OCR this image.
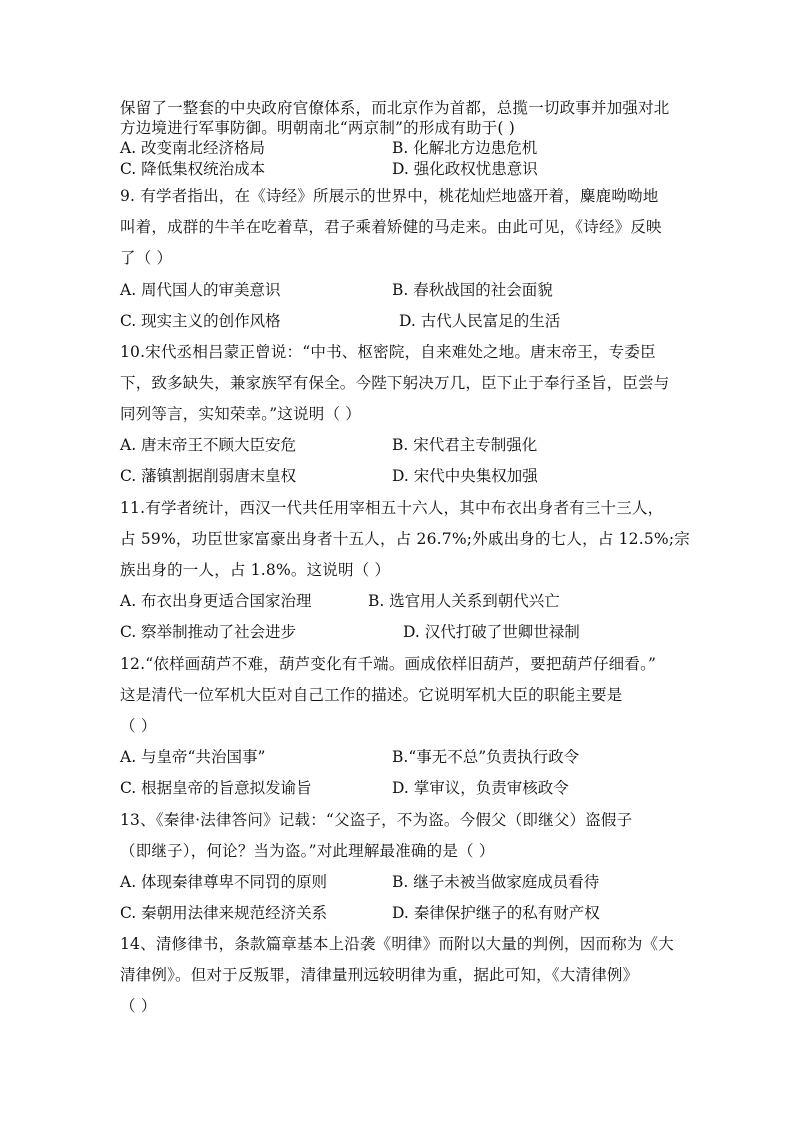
保留了一整套的中央政府官僚体系，而北京作为首都，总揽一切政事并加强对北
方边境进行军事防御。明朝南北“两京制”的形成有助于( )
A. 改变南北经济格局	B. 化解北方边患危机
C. 降低集权统治成本	D. 强化政权忧患意识
9. 有学者指出，在《诗经》所展示的世界中，桃花灿烂地盛开着，麋鹿呦呦地
叫着，成群的牛羊在吃着草，君子乘着矫健的马走来。由此可见，《诗经》反映
了（ ）
A. 周代国人的审美意识	B. 春秋战国的社会面貌
C. 现实主义的创作风格	D. 古代人民富足的生活
10.宋代丞相吕蒙正曾说：“中书、枢密院，自来难处之地。唐末帝王，专委臣
下，致多缺失，兼家族罕有保全。今陛下躬决万几，臣下止于奉行圣旨，臣尝与
同列等言，实知荣幸。”这说明（ ）
A. 唐末帝王不顾大臣安危	B. 宋代君主专制强化
C. 藩镇割据削弱唐末皇权	D. 宋代中央集权加强
11.有学者统计，西汉一代共任用宰相五十六人，其中布衣出身者有三十三人，
占 59%，功臣世家富豪出身者十五人，占 26.7%;外戚出身的七人，占 12.5%;宗
族出身的一人，占 1.8%。这说明（ ）
A. 布衣出身更适合国家治理	B. 选官用人关系到朝代兴亡
C. 察举制推动了社会进步	D. 汉代打破了世卿世禄制
12.“依样画葫芦不难，葫芦变化有千端。画成依样旧葫芦，要把葫芦仔细看。”
这是清代一位军机大臣对自己工作的描述。它说明军机大臣的职能主要是
（ ）
A. 与皇帝“共治国事”	B.“事无不总”负责执行政令
C. 根据皇帝的旨意拟发谕旨	D. 掌审议，负责审核政令
13、《秦律·法律答问》记载：“父盗子，不为盗。今假父（即继父）盗假子
（即继子），何论？当为盗。”对此理解最准确的是（ ）
A. 体现秦律尊卑不同罚的原则	B. 继子未被当做家庭成员看待
C. 秦朝用法律来规范经济关系	D. 秦律保护继子的私有财产权
14、清修律书，条款篇章基本上沿袭《明律》而附以大量的判例，因而称为《大
清律例》。但对于反叛罪，清律量刑远较明律为重，据此可知，《大清律例》
（ ）
